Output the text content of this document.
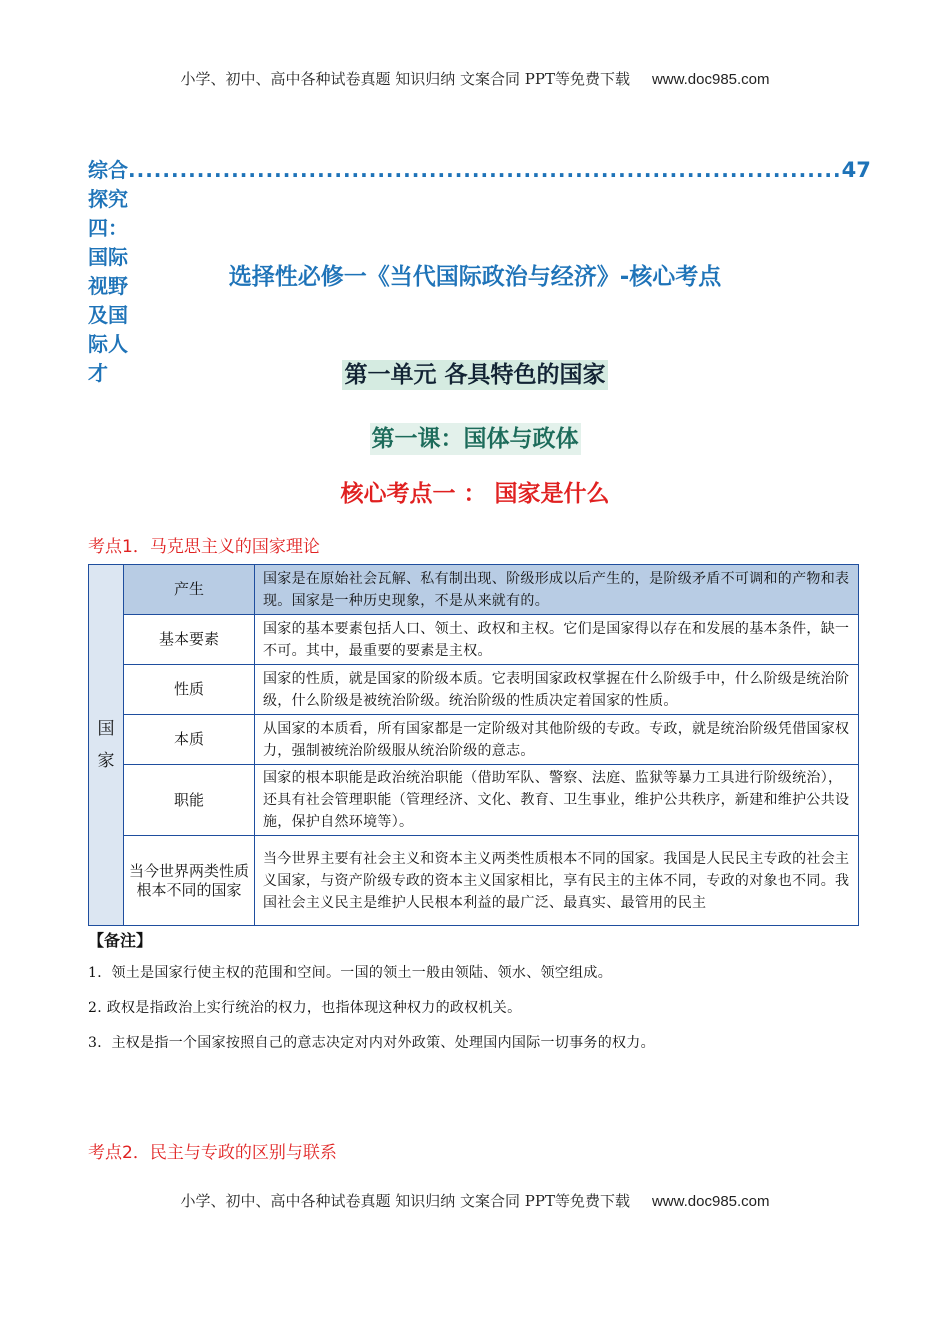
小学、初中、高中各种试卷真题 知识归纳 文案合同 PPT等免费下载 www.doc985.com
综合探究四：国际视野及国际人才
................................................................................... 47
选择性必修一《当代国际政治与经济》-核心考点
第一单元 各具特色的国家
第一课：国体与政体
核心考点一 ： 国家是什么
考点1．马克思主义的国家理论
国
家	产生	国家是在原始社会瓦解、私有制出现、阶级形成以后产生的，是阶级矛盾不可调和的产物和表现。国家是一种历史现象，不是从来就有的。
	基本要素	国家的基本要素包括人口、领土、政权和主权。它们是国家得以存在和发展的基本条件，缺一不可。其中，最重要的要素是主权。
	性质	国家的性质，就是国家的阶级本质。它表明国家政权掌握在什么阶级手中，什么阶级是统治阶级，什么阶级是被统治阶级。统治阶级的性质决定着国家的性质。
	本质	从国家的本质看，所有国家都是一定阶级对其他阶级的专政。专政，就是统治阶级凭借国家权力，强制被统治阶级服从统治阶级的意志。
	职能	国家的根本职能是政治统治职能（借助军队、警察、法庭、监狱等暴力工具进行阶级统治），还具有社会管理职能（管理经济、文化、教育、卫生事业，维护公共秩序，新建和维护公共设施，保护自然环境等）。
	当今世界两类性质根本不同的国家	当今世界主要有社会主义和资本主义两类性质根本不同的国家。我国是人民民主专政的社会主义国家，与资产阶级专政的资本主义国家相比，享有民主的主体不同，专政的对象也不同。我国社会主义民主是维护人民根本利益的最广泛、最真实、最管用的民主
【备注】
1．领土是国家行使主权的范围和空间。一国的领土一般由领陆、领水、领空组成。
2. 政权是指政治上实行统治的权力，也指体现这种权力的政权机关。
3．主权是指一个国家按照自己的意志决定对内对外政策、处理国内国际一切事务的权力。
考点2．民主与专政的区别与联系
小学、初中、高中各种试卷真题 知识归纳 文案合同 PPT等免费下载 www.doc985.com
